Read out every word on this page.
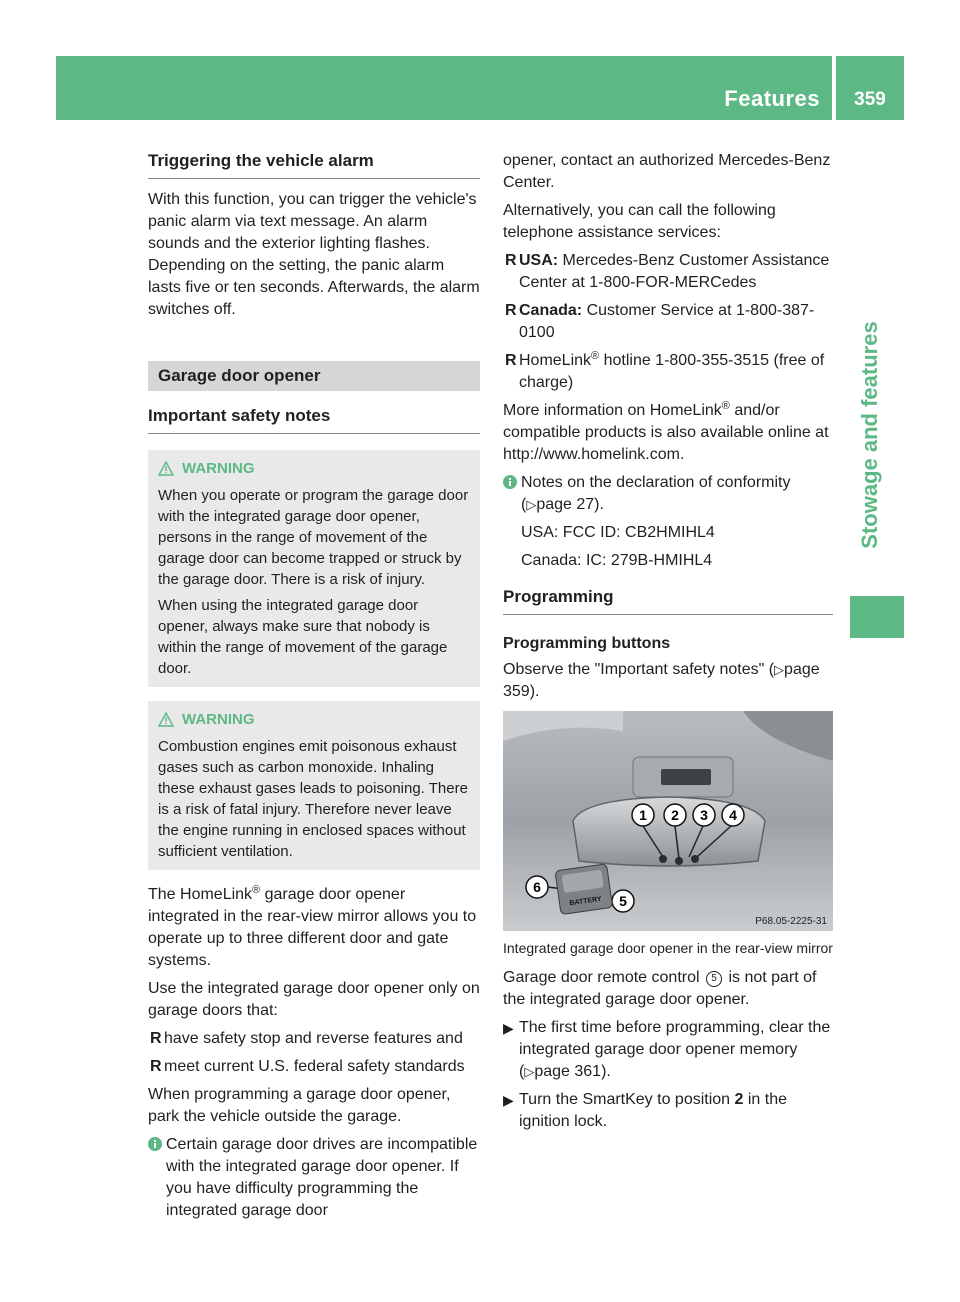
Features	359
Stowage and features
Triggering the vehicle alarm

With this function, you can trigger the vehicle's panic alarm via text message. An alarm sounds and the exterior lighting flashes. Depending on the setting, the panic alarm lasts five or ten seconds. Afterwards, the alarm switches off.

Garage door opener
Important safety notes
WARNING

When you operate or program the garage door with the integrated garage door opener, persons in the range of movement of the garage door can become trapped or struck by the garage door. There is a risk of injury.

When using the integrated garage door opener, always make sure that nobody is within the range of movement of the garage door.

WARNING

Combustion engines emit poisonous exhaust gases such as carbon monoxide. Inhaling these exhaust gases leads to poisoning. There is a risk of fatal injury. Therefore never leave the engine running in enclosed spaces without sufficient ventilation.

The HomeLink® garage door opener integrated in the rear-view mirror allows you to operate up to three different door and gate systems.

Use the integrated garage door opener only on garage doors that:

R have safety stop and reverse features and
R meet current U.S. federal safety standards

When programming a garage door opener, park the vehicle outside the garage.

Certain garage door drives are incompatible with the integrated garage door opener. If you have difficulty programming the integrated garage door

opener, contact an authorized Mercedes-Benz Center.

Alternatively, you can call the following telephone assistance services:

R USA: Mercedes-Benz Customer Assistance Center at 1-800-FOR-MERCedes
R Canada: Customer Service at 1-800-387-0100
R HomeLink® hotline 1-800-355-3515 (free of charge)

More information on HomeLink® and/or compatible products is also available online at http://www.homelink.com.

Notes on the declaration of conformity (▷page 27).

USA: FCC ID: CB2HMIHL4

Canada: IC: 279B-HMIHL4

Programming
Programming buttons

Observe the "Important safety notes" (▷page 359).

1 2 3 4
5
6
BATTERY
P68.05-2225-31
Integrated garage door opener in the rear-view mirror

Garage door remote control 5 is not part of the integrated garage door opener.

▶ The first time before programming, clear the integrated garage door opener memory (▷page 361).
▶ Turn the SmartKey to position 2 in the ignition lock.
